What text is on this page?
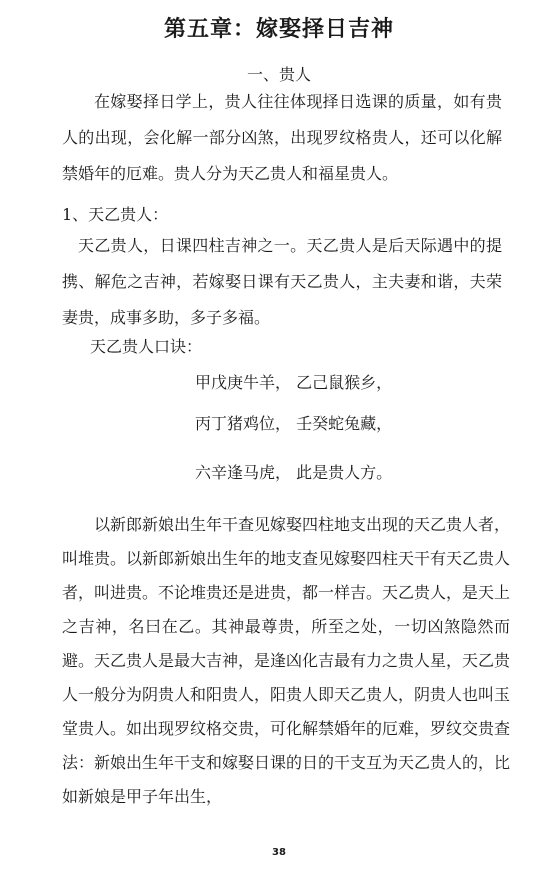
第五章：嫁娶择日吉神
一、贵人

在嫁娶择日学上，贵人往往体现择日选课的质量，如有贵人的出现，会化解一部分凶煞，出现罗纹格贵人，还可以化解禁婚年的厄难。贵人分为天乙贵人和福星贵人。

1、天乙贵人：

天乙贵人，日课四柱吉神之一。天乙贵人是后天际遇中的提携、解危之吉神，若嫁娶日课有天乙贵人，主夫妻和谐，夫荣妻贵，成事多助，多子多福。

天乙贵人口诀：
甲戊庚牛羊， 乙己鼠猴乡，
丙丁猪鸡位， 壬癸蛇兔藏，
六辛逢马虎， 此是贵人方。

以新郎新娘出生年干查见嫁娶四柱地支出现的天乙贵人者，叫堆贵。以新郎新娘出生年的地支查见嫁娶四柱天干有天乙贵人者，叫进贵。不论堆贵还是进贵，都一样吉。天乙贵人，是天上之吉神，名曰在乙。其神最尊贵，所至之处，一切凶煞隐然而避。天乙贵人是最大吉神，是逢凶化吉最有力之贵人星，天乙贵人一般分为阴贵人和阳贵人，阳贵人即天乙贵人，阴贵人也叫玉堂贵人。如出现罗纹格交贵，可化解禁婚年的厄难，罗纹交贵查法：新娘出生年干支和嫁娶日课的日的干支互为天乙贵人的，比如新娘是甲子年出生，

38
